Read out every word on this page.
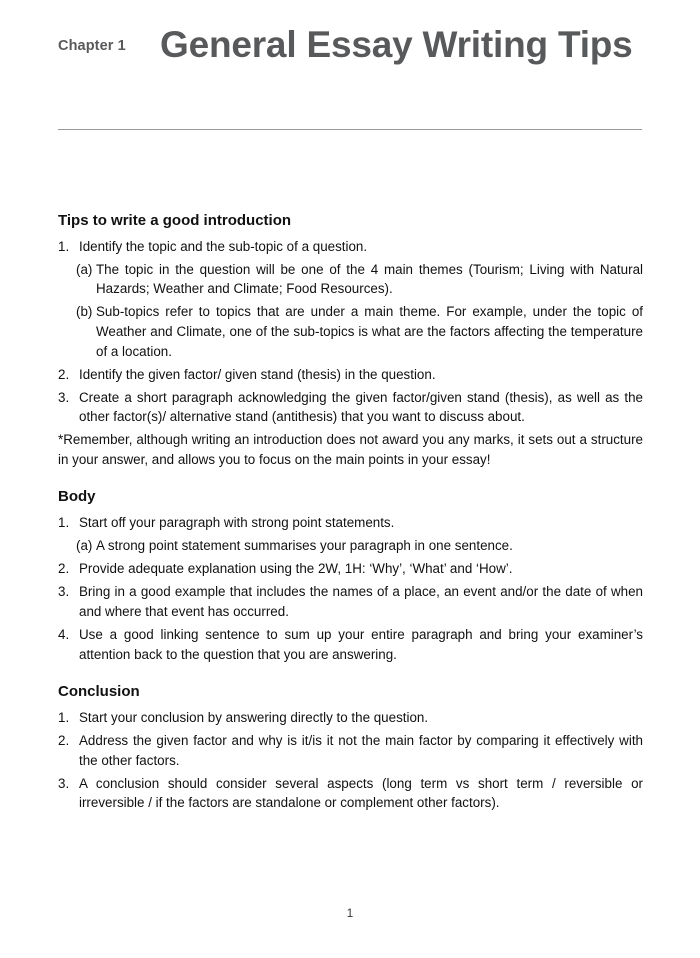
Chapter 1 General Essay Writing Tips
Tips to write a good introduction
1. Identify the topic and the sub-topic of a question.
(a) The topic in the question will be one of the 4 main themes (Tourism; Living with Natural Hazards; Weather and Climate; Food Resources).
(b) Sub-topics refer to topics that are under a main theme. For example, under the topic of Weather and Climate, one of the sub-topics is what are the factors affecting the temperature of a location.
2. Identify the given factor/ given stand (thesis) in the question.
3. Create a short paragraph acknowledging the given factor/given stand (thesis), as well as the other factor(s)/ alternative stand (antithesis) that you want to discuss about.

*Remember, although writing an introduction does not award you any marks, it sets out a structure in your answer, and allows you to focus on the main points in your essay!

Body
1. Start off your paragraph with strong point statements.
(a) A strong point statement summarises your paragraph in one sentence.
2. Provide adequate explanation using the 2W, 1H: ‘Why’, ‘What’ and ‘How’.
3. Bring in a good example that includes the names of a place, an event and/or the date of when and where that event has occurred.
4. Use a good linking sentence to sum up your entire paragraph and bring your examiner’s attention back to the question that you are answering.
Conclusion
1. Start your conclusion by answering directly to the question.
2. Address the given factor and why is it/is it not the main factor by comparing it effectively with the other factors.
3. A conclusion should consider several aspects (long term vs short term / reversible or irreversible / if the factors are standalone or complement other factors).
1
